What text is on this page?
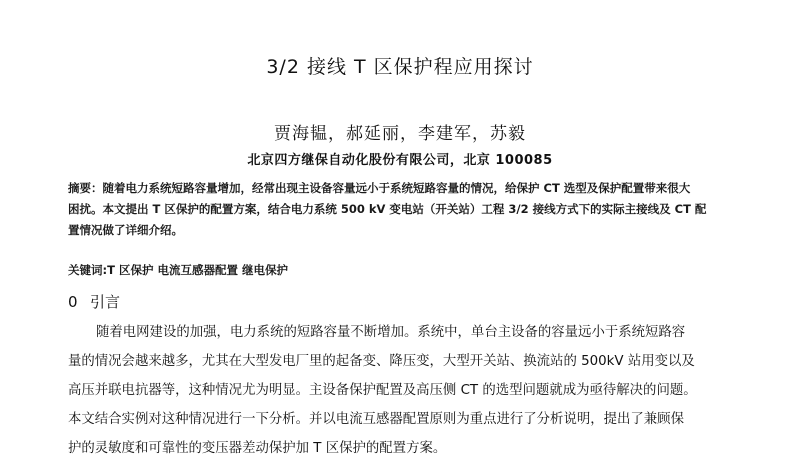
3/2 接线 T 区保护程应用探讨
贾海韫，郝延丽，李建军，苏毅
北京四方继保自动化股份有限公司，北京 100085
摘要：随着电力系统短路容量增加，经常出现主设备容量远小于系统短路容量的情况，给保护 CT 选型及保护配置带来很大
困扰。本文提出 T 区保护的配置方案，结合电力系统 500 kV 变电站（开关站）工程 3/2 接线方式下的实际主接线及 CT 配
置情况做了详细介绍。
关键词:T 区保护 电流互感器配置 继电保护
0 引言
随着电网建设的加强，电力系统的短路容量不断增加。系统中，单台主设备的容量远小于系统短路容
量的情况会越来越多，尤其在大型发电厂里的起备变、降压变，大型开关站、换流站的 500kV 站用变以及
高压并联电抗器等，这种情况尤为明显。主设备保护配置及高压侧 CT 的选型问题就成为亟待解决的问题。
本文结合实例对这种情况进行一下分析。并以电流互感器配置原则为重点进行了分析说明，提出了兼顾保
护的灵敏度和可靠性的变压器差动保护加 T 区保护的配置方案。
